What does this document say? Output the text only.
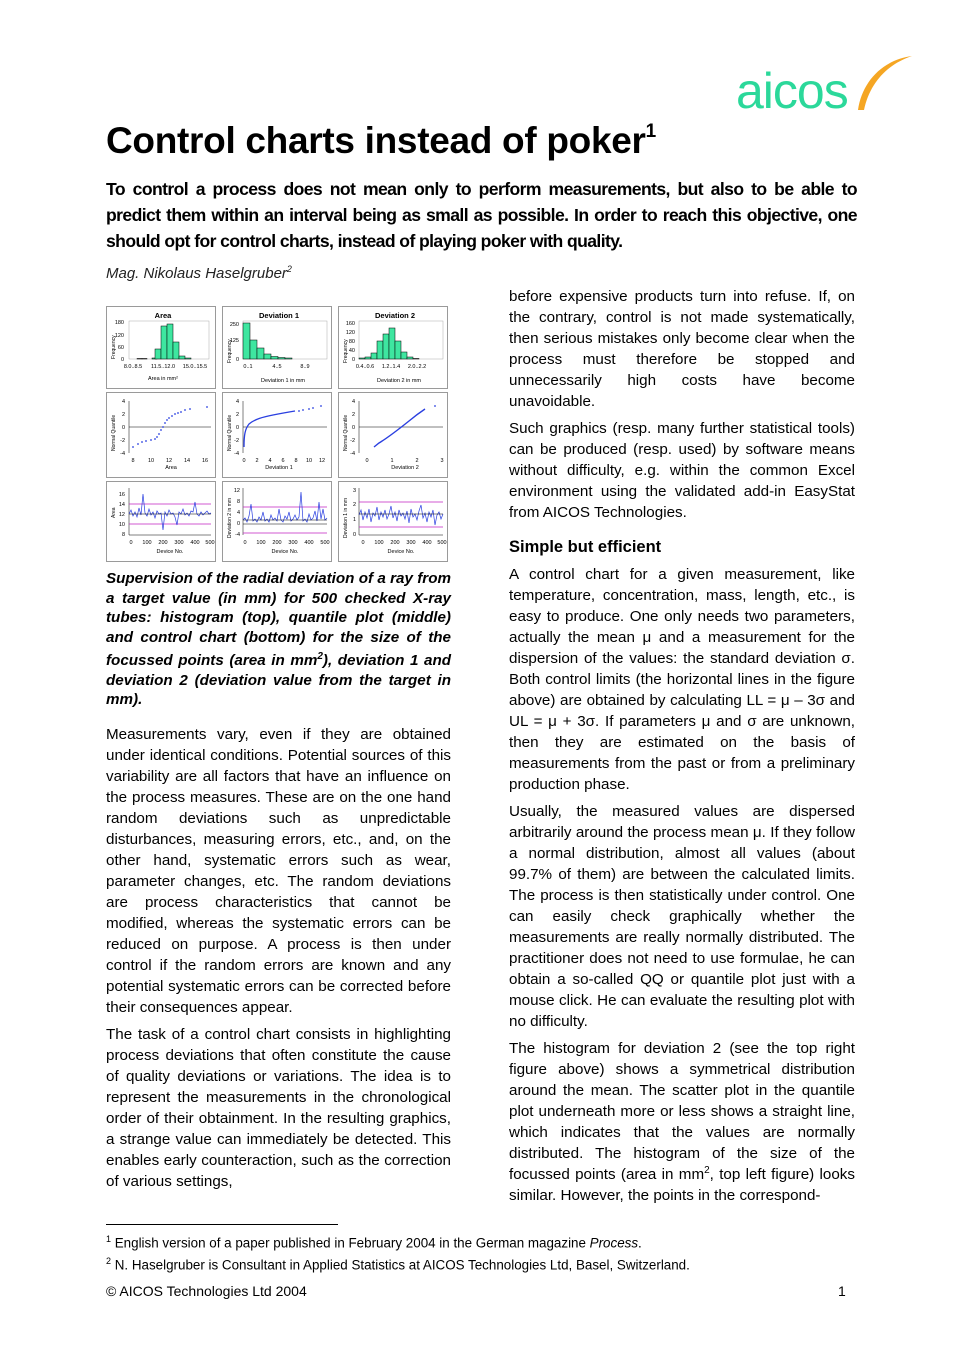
aicos
Control charts instead of poker$^1$
To control a process does not mean only to perform measurements, but also to be able to predict them within an interval being as small as possible. In order to reach this objective, one should opt for control charts, instead of playing poker with quality.
Mag. Nikolaus Haselgruber$^2$
Area
180
120
60
0
Frequency
8.0..8.5 11.5..12.0 15.0..15.5
Area in mm²
Deviation 1
250
125
0
Frequency
0..1	4..5	8..9
Deviation 1 in mm
Deviation 2
160
120
80
40
0
Frequency
0.4..0.6 1.2..1.4 2.0..2.2
Deviation 2 in mm
4
2
0
-2
-4
Normal Quantile
8 10 12 14 16
Area
4
2
0
-2
-4
Normal Quantile
0 2 4 6 8 10 12
Deviation 1
4
2
0
-2
-4
Normal Quantile
0	1	2	3
Deviation 2
16
14
12
10
8
Area
0 100 200 300 400 500
Device No.
12
8
4
0
-4
Deviation 2 in mm
0 100 200 300 400 500
Device No.
3
2
1
0
Deviation 1 in mm
0 100 200 300 400 500
Device No.
Supervision of the radial deviation of a ray from a target value (in mm) for 500 checked X-ray tubes: histogram (top), quantile plot (middle) and control chart (bottom) for the size of the focussed points (area in $mm^2$), deviation 1 and deviation 2 (deviation value from the target in mm).

Measurements vary, even if they are obtained under identical conditions. Potential sources of this variability are all factors that have an influence on the process measures. These are on the one hand random deviations such as unpredictable disturbances, measuring errors, etc., and, on the other hand, systematic errors such as wear, parameter changes, etc. The random deviations are process characteristics that cannot be modified, whereas the systematic errors can be reduced on purpose. A process is then under control if the random errors are known and any potential systematic errors can be corrected before their consequences appear.

The task of a control chart consists in highlighting process deviations that often constitute the cause of quality deviations or variations. The idea is to represent the measurements in the chronological order of their obtainment. In the resulting graphics, a strange value can immediately be detected. This enables early counteraction, such as the correction of various settings,

before expensive products turn into refuse. If, on the contrary, control is not made systematically, then serious mistakes only become clear when the process must therefore be stopped and unnecessarily high costs have become unavoidable.

Such graphics (resp. many further statistical tools) can be produced (resp. used) by software means without difficulty, e.g. within the common Excel environment using the validated add-in EasyStat from AICOS Technologies.

Simple but efficient

A control chart for a given measurement, like temperature, concentration, mass, length, etc., is easy to produce. One only needs two parameters, actually the mean μ and a measurement for the dispersion of the values: the standard deviation σ. Both control limits (the horizontal lines in the figure above) are obtained by calculating LL = μ – 3σ and UL = μ + 3σ. If parameters μ and σ are unknown, then they are estimated on the basis of measurements from the past or from a preliminary production phase.

Usually, the measured values are dispersed arbitrarily around the process mean μ. If they follow a normal distribution, almost all values (about 99.7% of them) are between the calculated limits. The process is then statistically under control. One can easily check graphically whether the measurements are really normally distributed. The practitioner does not need to use formulae, he can obtain a so-called QQ or quantile plot just with a mouse click. He can evaluate the resulting plot with no difficulty.

The histogram for deviation 2 (see the top right figure above) shows a symmetrical distribution around the mean. The scatter plot in the quantile plot underneath more or less shows a straight line, which indicates that the values are normally distributed. The histogram of the size of the focussed points (area in $mm^2$, top left figure) looks similar. However, the points in the correspond-

$^1$ English version of a paper published in February 2004 in the German magazine Process.
$^2$ N. Haselgruber is Consultant in Applied Statistics at AICOS Technologies Ltd, Basel, Switzerland.
© AICOS Technologies Ltd 2004	1
